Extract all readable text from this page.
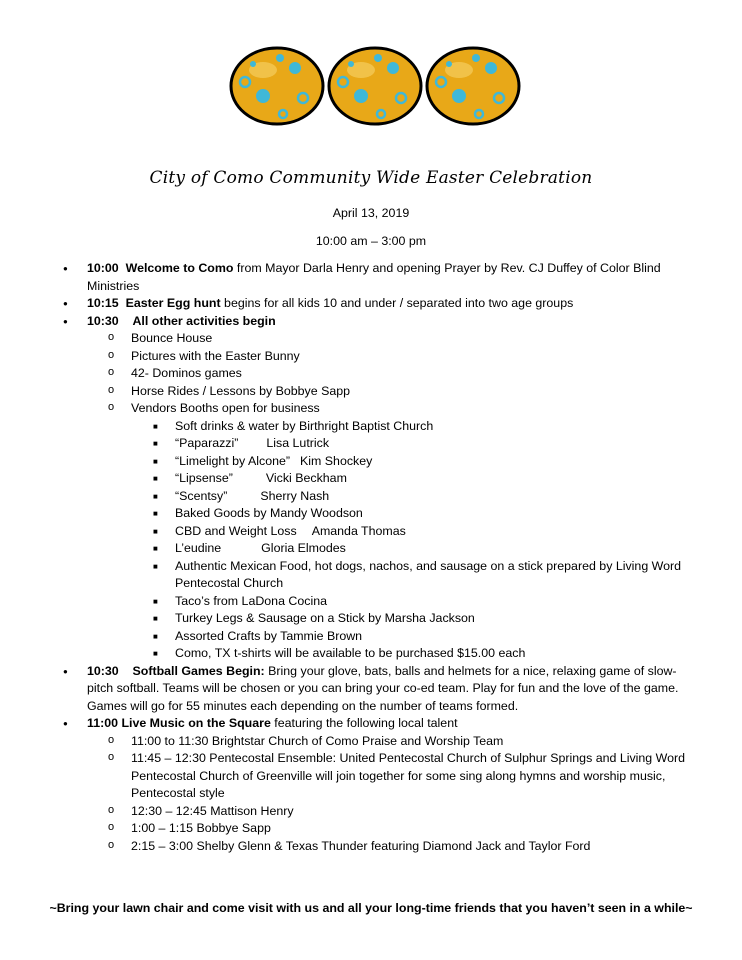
City of Como Community Wide Easter Celebration
April 13, 2019
10:00 am – 3:00 pm
● 10:00 Welcome to Como from Mayor Darla Henry and opening Prayer by Rev. CJ Duffey of Color Blind Ministries
● 10:15 Easter Egg hunt begins for all kids 10 and under / separated into two age groups
● 10:30 All other activities begin
o Bounce House
o Pictures with the Easter Bunny
o 42- Dominos games
o Horse Rides / Lessons by Bobbye Sapp
o Vendors Booths open for business
■ Soft drinks & water by Birthright Baptist Church
■ “Paparazzi” Lisa Lutrick
■ “Limelight by Alcone” Kim Shockey
■ “Lipsense”	Vicki Beckham
■ “Scentsy”	Sherry Nash
■ Baked Goods by Mandy Woodson
■ CBD and Weight Loss Amanda Thomas
■ L’eudine	Gloria Elmodes
■ Authentic Mexican Food, hot dogs, nachos, and sausage on a stick prepared by Living Word Pentecostal Church
■ Taco’s from LaDona Cocina
■ Turkey Legs & Sausage on a Stick by Marsha Jackson
■ Assorted Crafts by Tammie Brown
■ Como, TX t-shirts will be available to be purchased $15.00 each
● 10:30 Softball Games Begin: Bring your glove, bats, balls and helmets for a nice, relaxing game of slow-pitch softball. Teams will be chosen or you can bring your co-ed team. Play for fun and the love of the game. Games will go for 55 minutes each depending on the number of teams formed.
● 11:00 Live Music on the Square featuring the following local talent
o 11:00 to 11:30 Brightstar Church of Como Praise and Worship Team
o 11:45 – 12:30 Pentecostal Ensemble: United Pentecostal Church of Sulphur Springs and Living Word Pentecostal Church of Greenville will join together for some sing along hymns and worship music, Pentecostal style
o 12:30 – 12:45 Mattison Henry
o 1:00 – 1:15 Bobbye Sapp
o 2:15 – 3:00 Shelby Glenn & Texas Thunder featuring Diamond Jack and Taylor Ford
~Bring your lawn chair and come visit with us and all your long-time friends that you haven’t seen in a while~
